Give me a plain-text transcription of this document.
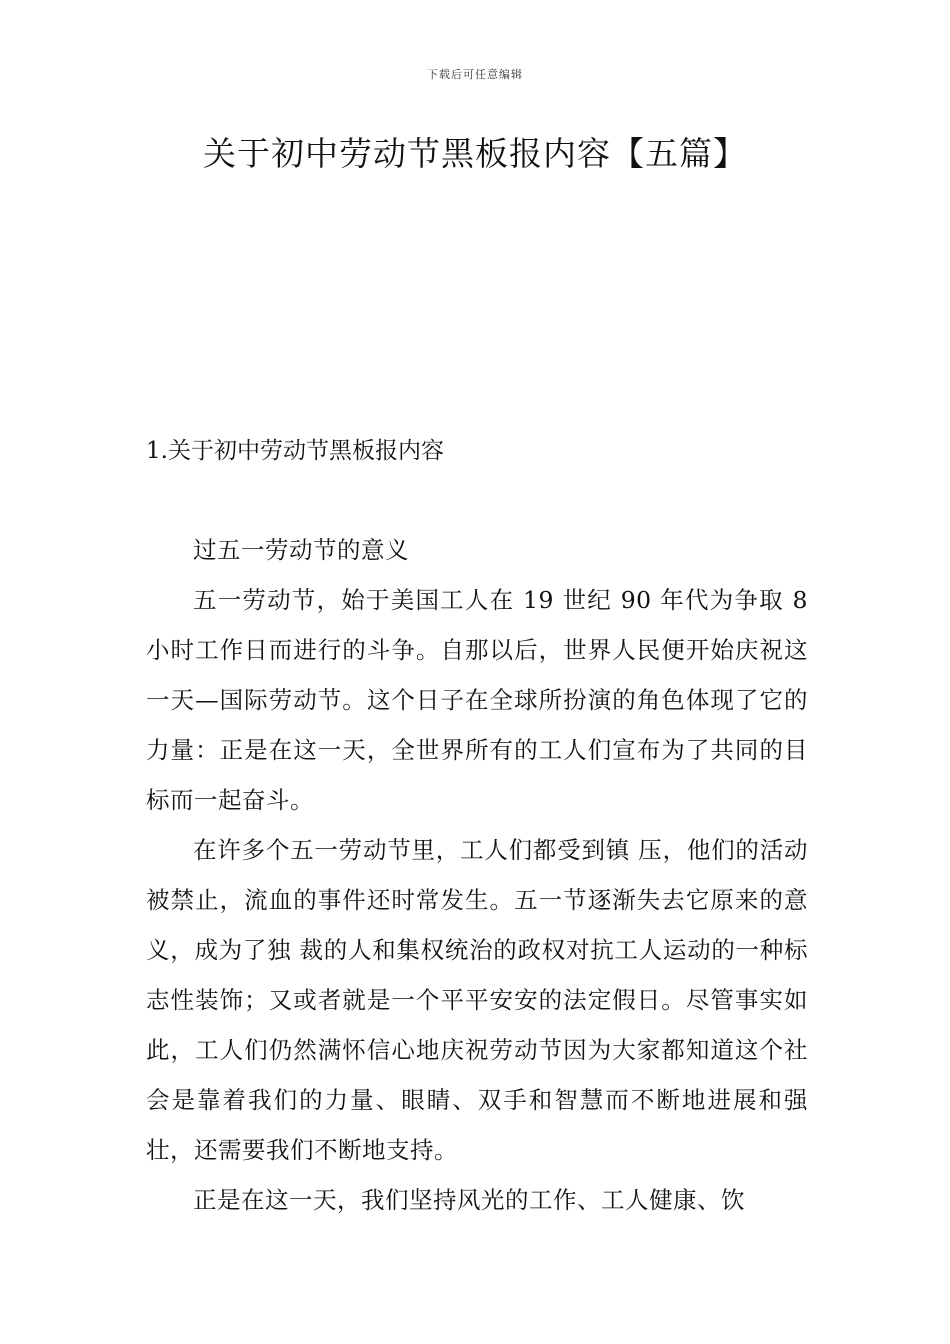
下载后可任意编辑
关于初中劳动节黑板报内容【五篇】
1.关于初中劳动节黑板报内容

过五一劳动节的意义

五一劳动节，始于美国工人在 19 世纪 90 年代为争取 8 小时工作日而进行的斗争。自那以后，世界人民便开始庆祝这一天—国际劳动节。这个日子在全球所扮演的角色体现了它的力量：正是在这一天，全世界所有的工人们宣布为了共同的目标而一起奋斗。

在许多个五一劳动节里，工人们都受到镇 压，他们的活动被禁止，流血的事件还时常发生。五一节逐渐失去它原来的意义，成为了独 裁的人和集权统治的政权对抗工人运动的一种标志性装饰；又或者就是一个平平安安的法定假日。尽管事实如此，工人们仍然满怀信心地庆祝劳动节因为大家都知道这个社会是靠着我们的力量、眼睛、双手和智慧而不断地进展和强壮，还需要我们不断地支持。

正是在这一天，我们坚持风光的工作、工人健康、饮
